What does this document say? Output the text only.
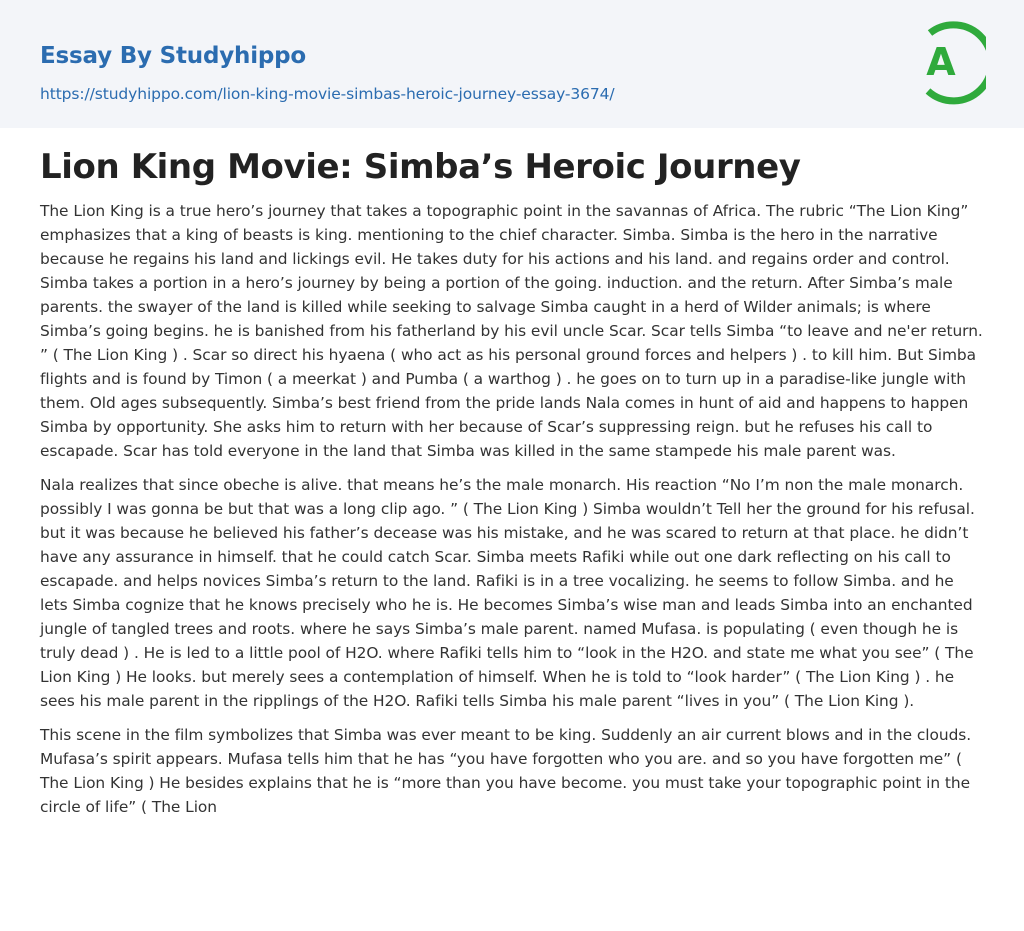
Essay By Studyhippo
https://studyhippo.com/lion-king-movie-simbas-heroic-journey-essay-3674/
A
Lion King Movie: Simba’s Heroic Journey

The Lion King is a true hero’s journey that takes a topographic point in the savannas of Africa. The rubric “The Lion King” emphasizes that a king of beasts is king. mentioning to the chief character. Simba. Simba is the hero in the narrative because he regains his land and lickings evil. He takes duty for his actions and his land. and regains order and control. Simba takes a portion in a hero’s journey by being a portion of the going. induction. and the return. After Simba’s male parents. the swayer of the land is killed while seeking to salvage Simba caught in a herd of Wilder animals; is where Simba’s going begins. he is banished from his fatherland by his evil uncle Scar. Scar tells Simba “to leave and ne'er return. ” ( The Lion King ) . Scar so direct his hyaena ( who act as his personal ground forces and helpers ) . to kill him. But Simba flights and is found by Timon ( a meerkat ) and Pumba ( a warthog ) . he goes on to turn up in a paradise-like jungle with them. Old ages subsequently. Simba’s best friend from the pride lands Nala comes in hunt of aid and happens to happen Simba by opportunity. She asks him to return with her because of Scar’s suppressing reign. but he refuses his call to escapade. Scar has told everyone in the land that Simba was killed in the same stampede his male parent was.

Nala realizes that since obeche is alive. that means he’s the male monarch. His reaction “No I’m non the male monarch. possibly I was gonna be but that was a long clip ago. ” ( The Lion King ) Simba wouldn’t Tell her the ground for his refusal. but it was because he believed his father’s decease was his mistake, and he was scared to return at that place. he didn’t have any assurance in himself. that he could catch Scar. Simba meets Rafiki while out one dark reflecting on his call to escapade. and helps novices Simba’s return to the land. Rafiki is in a tree vocalizing. he seems to follow Simba. and he lets Simba cognize that he knows precisely who he is. He becomes Simba’s wise man and leads Simba into an enchanted jungle of tangled trees and roots. where he says Simba’s male parent. named Mufasa. is populating ( even though he is truly dead ) . He is led to a little pool of H2O. where Rafiki tells him to “look in the H2O. and state me what you see” ( The Lion King ) He looks. but merely sees a contemplation of himself. When he is told to “look harder” ( The Lion King ) . he sees his male parent in the ripplings of the H2O. Rafiki tells Simba his male parent “lives in you” ( The Lion King ).

This scene in the film symbolizes that Simba was ever meant to be king. Suddenly an air current blows and in the clouds. Mufasa’s spirit appears. Mufasa tells him that he has “you have forgotten who you are. and so you have forgotten me” ( The Lion King ) He besides explains that he is “more than you have become. you must take your topographic point in the circle of life” ( The Lion
